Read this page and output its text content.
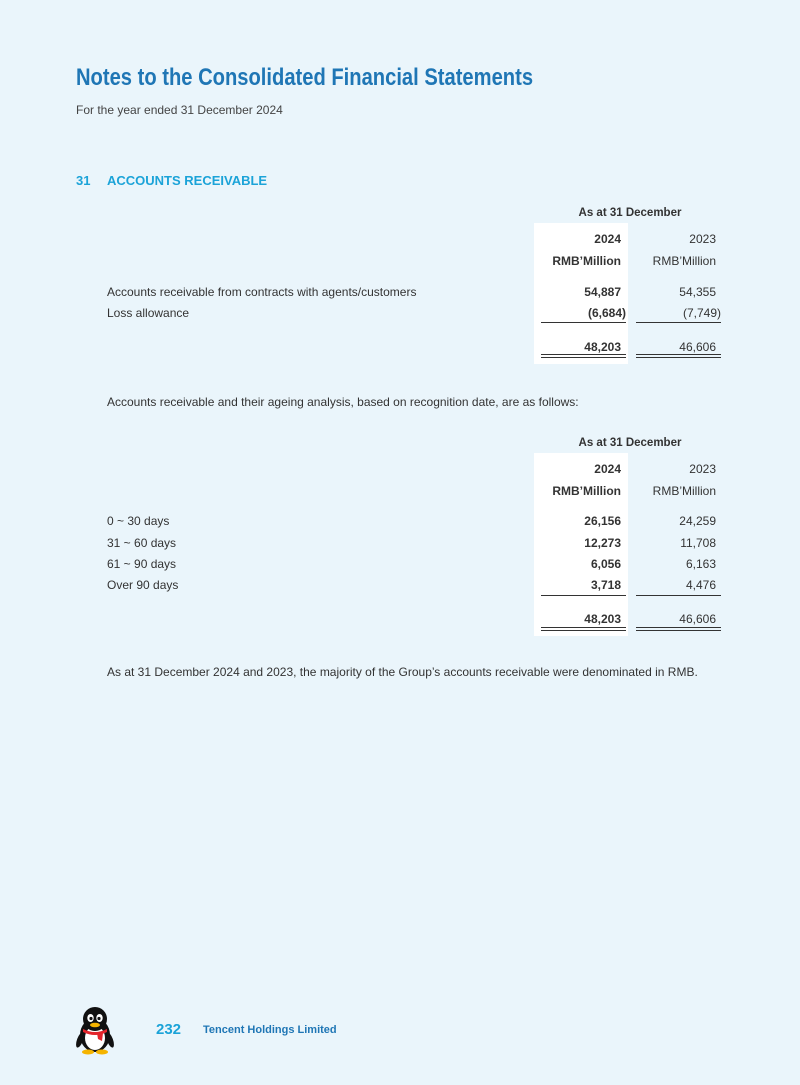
Notes to the Consolidated Financial Statements
For the year ended 31 December 2024
31 ACCOUNTS RECEIVABLE
As at 31 December
2024	2023
RMB’Million	RMB’Million
Accounts receivable from contracts with agents/customers	54,887	54,355
Loss allowance	(6,684)	(7,749)
48,203	46,606
Accounts receivable and their ageing analysis, based on recognition date, are as follows:
As at 31 December
2024	2023
RMB’Million	RMB’Million
0 ~ 30 days	26,156	24,259
31 ~ 60 days	12,273	11,708
61 ~ 90 days	6,056	6,163
Over 90 days	3,718	4,476
48,203	46,606
As at 31 December 2024 and 2023, the majority of the Group’s accounts receivable were denominated in RMB.
232 Tencent Holdings Limited
